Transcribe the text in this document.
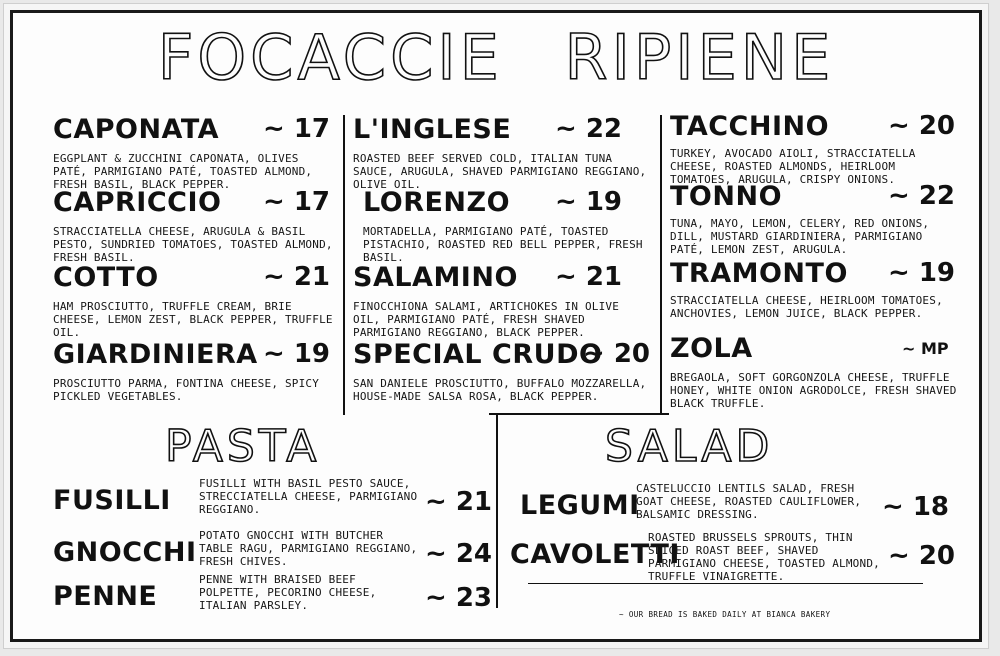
FOCACCIE RIPIENE
CAPONATA	~ 17
EGGPLANT & ZUCCHINI CAPONATA, OLIVES PATÉ, PARMIGIANO PATÉ, TOASTED ALMOND, FRESH BASIL, BLACK PEPPER.
CAPRICCIO	~ 17
STRACCIATELLA CHEESE, ARUGULA & BASIL PESTO, SUNDRIED TOMATOES, TOASTED ALMOND, FRESH BASIL.
COTTO	~ 21
HAM PROSCIUTTO, TRUFFLE CREAM, BRIE CHEESE, LEMON ZEST, BLACK PEPPER, TRUFFLE OIL.
GIARDINIERA ~ 19
PROSCIUTTO PARMA, FONTINA CHEESE, SPICY PICKLED VEGETABLES.
L'INGLESE	~ 22
ROASTED BEEF SERVED COLD, ITALIAN TUNA SAUCE, ARUGULA, SHAVED PARMIGIANO REGGIANO, OLIVE OIL.
LORENZO	~ 19
MORTADELLA, PARMIGIANO PATÉ, TOASTED PISTACHIO, ROASTED RED BELL PEPPER, FRESH BASIL.
SALAMINO	~ 21
FINOCCHIONA SALAMI, ARTICHOKES IN OLIVE OIL, PARMIGIANO PATÉ, FRESH SHAVED PARMIGIANO REGGIANO, BLACK PEPPER.
SPECIAL CRUDO
~ 20
SAN DANIELE PROSCIUTTO, BUFFALO MOZZARELLA, HOUSE-MADE SALSA ROSA, BLACK PEPPER.
TACCHINO	~ 20
TURKEY, AVOCADO AIOLI, STRACCIATELLA CHEESE, ROASTED ALMONDS, HEIRLOOM TOMATOES, ARUGULA, CRISPY ONIONS.
TONNO	~ 22
TUNA, MAYO, LEMON, CELERY, RED ONIONS, DILL, MUSTARD GIARDINIERA, PARMIGIANO PATÉ, LEMON ZEST, ARUGULA.
TRAMONTO	~ 19
STRACCIATELLA CHEESE, HEIRLOOM TOMATOES, ANCHOVIES, LEMON JUICE, BLACK PEPPER.
ZOLA	~ MP
BREGAOLA, SOFT GORGONZOLA CHEESE, TRUFFLE HONEY, WHITE ONION AGRODOLCE, FRESH SHAVED BLACK TRUFFLE.
PASTA	SALAD
FUSILLI
FUSILLI WITH BASIL PESTO SAUCE, STRECCIATELLA CHEESE, PARMIGIANO REGGIANO.	~ 21
GNOCCHI
POTATO GNOCCHI WITH BUTCHER TABLE RAGU, PARMIGIANO REGGIANO, FRESH CHIVES.	~ 24
PENNE
PENNE WITH BRAISED BEEF POLPETTE, PECORINO CHEESE, ITALIAN PARSLEY.	~ 23
LEGUMI
CASTELUCCIO LENTILS SALAD, FRESH GOAT CHEESE, ROASTED CAULIFLOWER, BALSAMIC DRESSING.	~ 18
CAVOLETTI
ROASTED BRUSSELS SPROUTS, THIN SLICED ROAST BEEF, SHAVED PARMIGIANO CHEESE, TOASTED ALMOND, TRUFFLE VINAIGRETTE.
~ 20
~ OUR BREAD IS BAKED DAILY AT BIANCA BAKERY
